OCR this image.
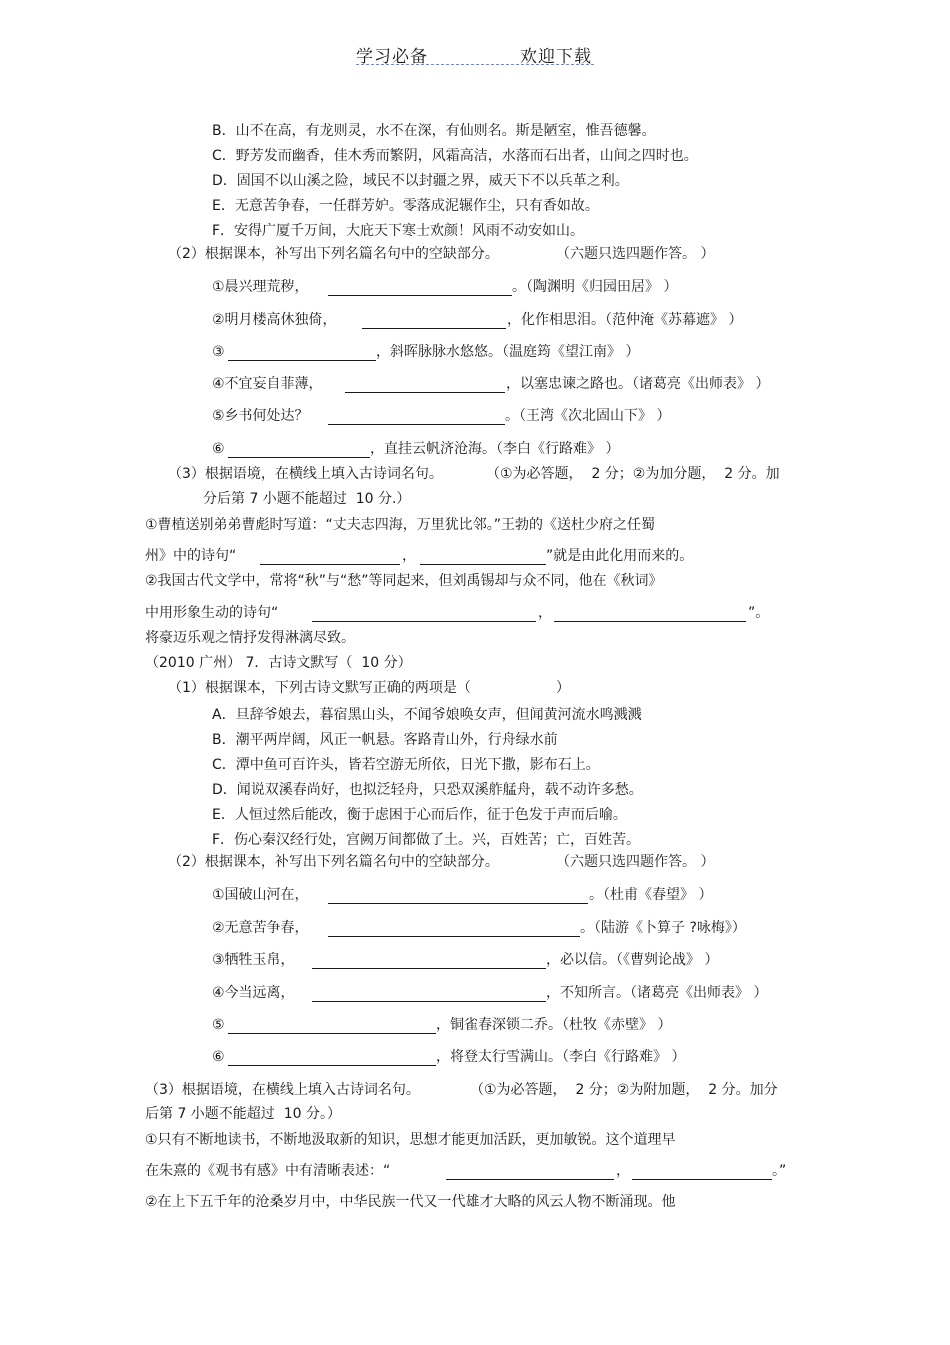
学习必备	欢迎下载
B．山不在高，有龙则灵，水不在深，有仙则名。斯是陋室，惟吾德馨。
C．野芳发而幽香，佳木秀而繁阴，风霜高洁，水落而石出者，山间之四时也。
D．固国不以山溪之险，域民不以封疆之界，威天下不以兵革之利。
E．无意苦争春，一任群芳妒。零落成泥辗作尘，只有香如故。
F．安得广厦千万间，大庇天下寒士欢颜！风雨不动安如山。
（2）根据课本，补写出下列名篇名句中的空缺部分。	（六题只选四题作答。 ）
①晨兴理荒秽，	。（陶渊明《归园田居》 ）
②明月楼高休独倚，	，化作相思泪。（范仲淹《苏幕遮》 ）
③	，斜晖脉脉水悠悠。（温庭筠《望江南》 ）
④不宜妄自菲薄，	，以塞忠谏之路也。（诸葛亮《出师表》 ）
⑤乡书何处达？	。（王湾《次北固山下》 ）
⑥	，直挂云帆济沧海。（李白《行路难》 ）
（3）根据语境，在横线上填入古诗词名句。	（①为必答题，  2 分；②为加分题，  2 分。加
分后第 7 小题不能超过  10 分.）
①曹植送别弟弟曹彪时写道：“丈夫志四海，万里犹比邻。”王勃的《送杜少府之任蜀
州》中的诗句“	，	”就是由此化用而来的。
②我国古代文学中，常将“秋”与“愁”等同起来，但刘禹锡却与众不同，他在《秋词》
中用形象生动的诗句“	，	”。
将豪迈乐观之情抒发得淋漓尽致。
（2010 广州） 7．古诗文默写（  10 分）
（1）根据课本，下列古诗文默写正确的两项是（	）
A．旦辞爷娘去，暮宿黑山头，不闻爷娘唤女声，但闻黄河流水鸣溅溅
B．潮平两岸阔，风正一帆悬。客路青山外，行舟绿水前
C．潭中鱼可百许头，皆若空游无所依，日光下撒，影布石上。
D．闻说双溪春尚好，也拟泛轻舟，只恐双溪舴艋舟，载不动许多愁。
E．人恒过然后能改，衡于虑困于心而后作，征于色发于声而后喻。
F．伤心秦汉经行处，宫阙万间都做了土。兴，百姓苦；亡，百姓苦。
（2）根据课本，补写出下列名篇名句中的空缺部分。	（六题只选四题作答。 ）
①国破山河在，	。（杜甫《春望》 ）
②无意苦争春，	。（陆游《卜算子 ?咏梅》）
③牺牲玉帛，	，必以信。（《曹刿论战》 ）
④今当远离，	，不知所言。（诸葛亮《出师表》 ）
⑤	，铜雀春深锁二乔。（杜牧《赤壁》 ）
⑥	，将登太行雪满山。（李白《行路难》 ）
（3）根据语境，在横线上填入古诗词名句。	（①为必答题，  2 分；②为附加题，  2 分。加分
后第 7 小题不能超过  10 分。）
①只有不断地读书，不断地汲取新的知识，思想才能更加活跃，更加敏锐。这个道理早
在朱熹的《观书有感》中有清晰表述：“	，	。”
②在上下五千年的沧桑岁月中，中华民族一代又一代雄才大略的风云人物不断涌现。他
